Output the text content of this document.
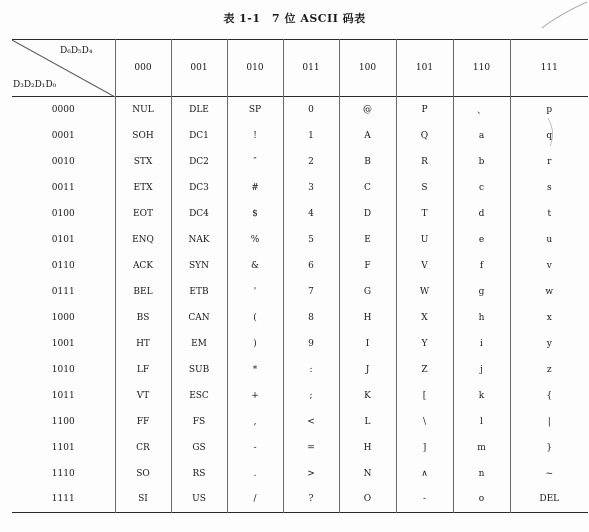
表 1-1　7 位 ASCII 码表
D₆D₅D₄
D₃D₂D₁D₀	000	001	010	011	100	101	110	111
0000	NUL	DLE	SP	0	@	P	、	p
0001	SOH	DC1	!	1	A	Q	a	q
0010	STX	DC2	″	2	B	R	b	r
0011	ETX	DC3	#	3	C	S	c	s
0100	EOT	DC4	$	4	D	T	d	t
0101	ENQ	NAK	%	5	E	U	e	u
0110	ACK	SYN	&	6	F	V	f	v
0111	BEL	ETB	'	7	G	W	g	w
1000	BS	CAN	(	8	H	X	h	x
1001	HT	EM	)	9	I	Y	i	y
1010	LF	SUB	*	:	J	Z	j	z
1011	VT	ESC	+	;	K	[	k	{
1100	FF	FS	,	<	L	\	l	|
1101	CR	GS	-	=	H	]	m	}
1110	SO	RS	.	>	N	∧	n	~
1111	SI	US	/	?	O	-	o	DEL
